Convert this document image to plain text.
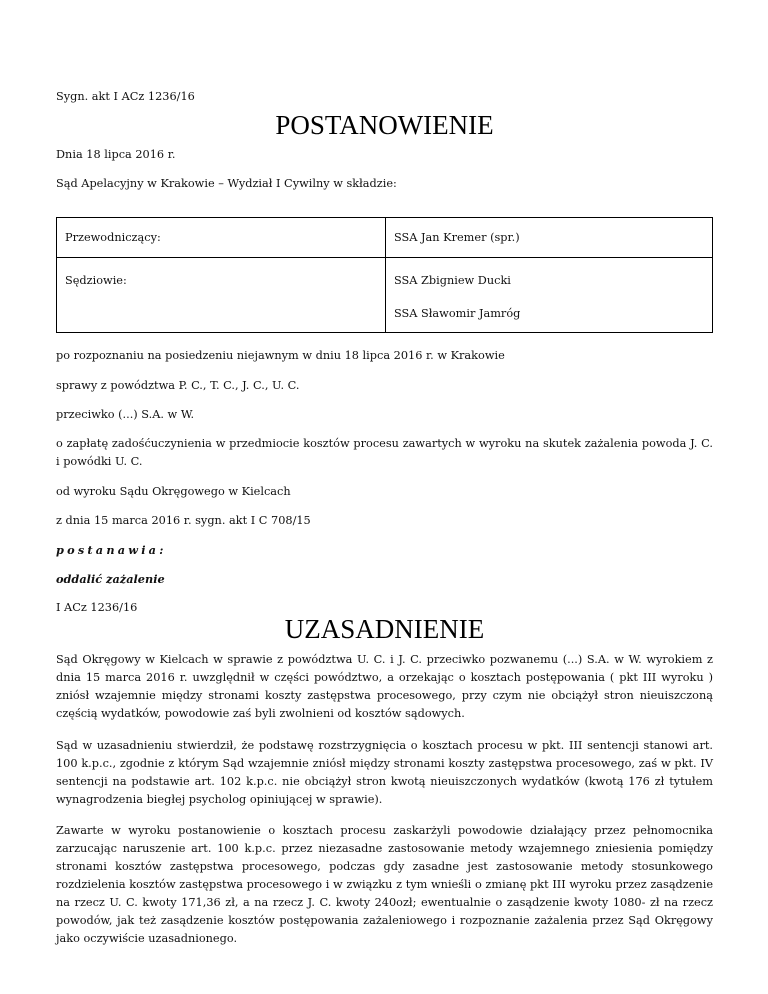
Sygn. akt I ACz 1236/16

POSTANOWIENIE

Dnia 18 lipca 2016 r.

Sąd Apelacyjny w Krakowie – Wydział I Cywilny w składzie:

Przewodniczący:	SSA Jan Kremer (spr.)

Sędziowie:	SSA Zbigniew Ducki
SSA Sławomir Jamróg

po rozpoznaniu na posiedzeniu niejawnym w dniu 18 lipca 2016 r. w Krakowie

sprawy z powództwa P. C., T. C., J. C., U. C.

przeciwko (...) S.A. w W.

o zapłatę zadośćuczynienia w przedmiocie kosztów procesu zawartych w wyroku na skutek zażalenia powoda J. C. i powódki U. C.

od wyroku Sądu Okręgowego w Kielcach

z dnia 15 marca 2016 r. sygn. akt I C 708/15

postanawia:

oddalić zażalenie

I ACz 1236/16

UZASADNIENIE

Sąd Okręgowy w Kielcach w sprawie z powództwa U. C. i J. C. przeciwko pozwanemu (...) S.A. w W. wyrokiem z dnia 15 marca 2016 r. uwzględnił w części powództwo, a orzekając o kosztach postępowania ( pkt III wyroku ) zniósł wzajemnie między stronami koszty zastępstwa procesowego, przy czym nie obciążył stron nieuiszczoną częścią wydatków, powodowie zaś byli zwolnieni od kosztów sądowych.

Sąd w uzasadnieniu stwierdził, że podstawę rozstrzygnięcia o kosztach procesu w pkt. III sentencji stanowi art. 100 k.p.c., zgodnie z którym Sąd wzajemnie zniósł między stronami koszty zastępstwa procesowego, zaś w pkt. IV sentencji na podstawie art. 102 k.p.c. nie obciążył stron kwotą nieuiszczonych wydatków (kwotą 176 zł tytułem wynagrodzenia biegłej psycholog opiniującej w sprawie).

Zawarte w wyroku postanowienie o kosztach procesu zaskarżyli powodowie działający przez pełnomocnika zarzucając naruszenie art. 100 k.p.c. przez niezasadne zastosowanie metody wzajemnego zniesienia pomiędzy stronami kosztów zastępstwa procesowego, podczas gdy zasadne jest zastosowanie metody stosunkowego rozdzielenia kosztów zastępstwa procesowego i w związku z tym wnieśli o zmianę pkt III wyroku przez zasądzenie na rzecz U. C. kwoty 171,36 zł, a na rzecz J. C. kwoty 240ozł; ewentualnie o zasądzenie kwoty 1080- zł na rzecz powodów, jak też zasądzenie kosztów postępowania zażaleniowego i rozpoznanie zażalenia przez Sąd Okręgowy jako oczywiście uzasadnionego.
